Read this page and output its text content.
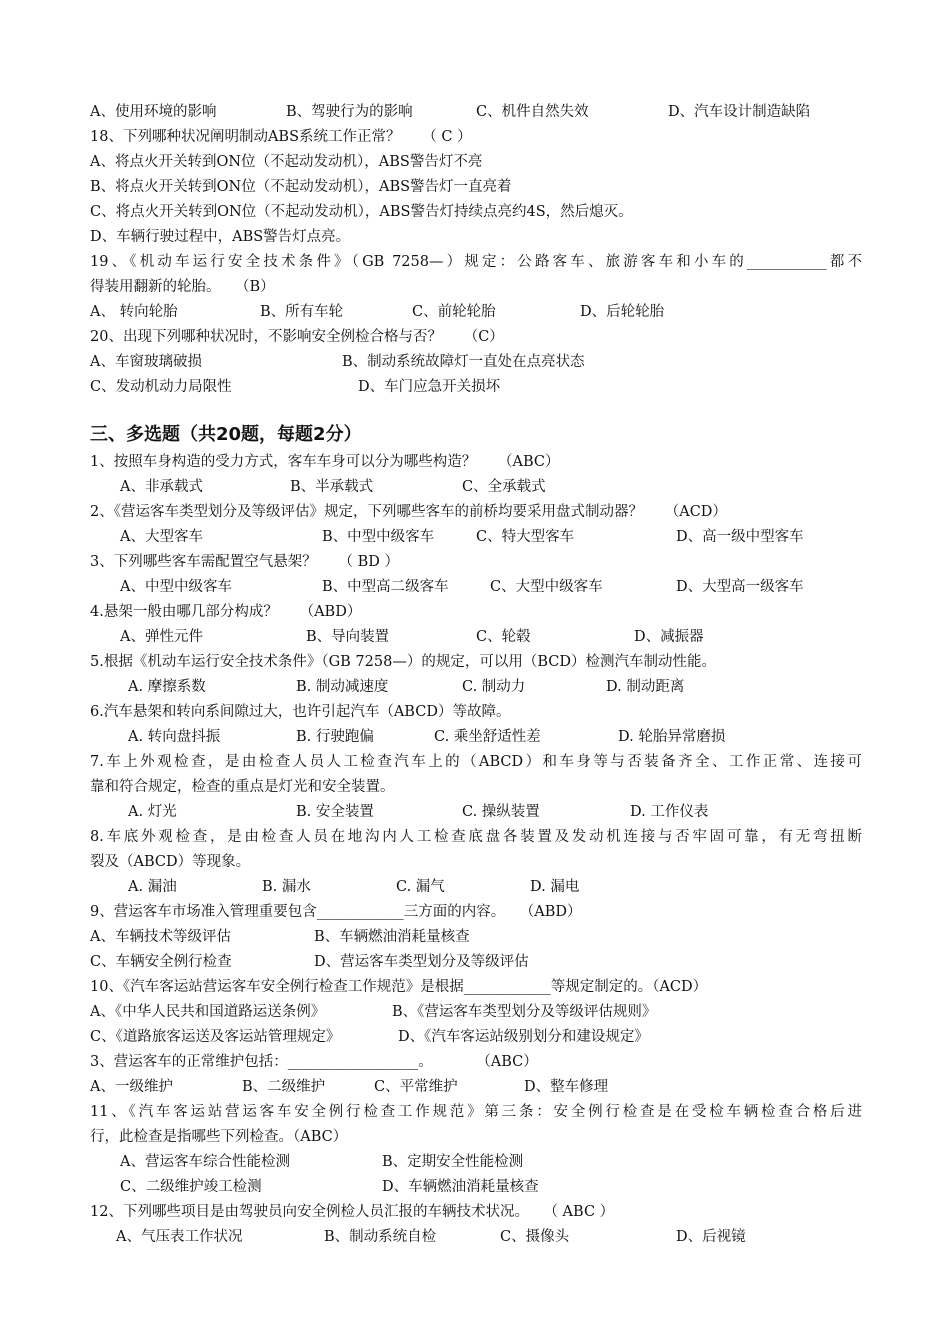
A、使用环境的影响	B、驾驶行为的影响	C、机件自然失效	D、汽车设计制造缺陷
18、下列哪种状况阐明制动ABS系统工作正常？　　（ C ）
A、将点火开关转到ON位（不起动发动机），ABS警告灯不亮
B、将点火开关转到ON位（不起动发动机），ABS警告灯一直亮着
C、将点火开关转到ON位（不起动发动机），ABS警告灯持续点亮约4S，然后熄灭。
D、车辆行驶过程中，ABS警告灯点亮。
19、《机动车运行安全技术条件》（GB 7258—）规定：公路客车、旅游客车和小车的___________都不
得装用翻新的轮胎。　　（B）
A、 转向轮胎	B、所有车轮	C、前轮轮胎	D、后轮轮胎
20、出现下列哪种状况时，不影响安全例检合格与否？　　（C）
A、车窗玻璃破损	B、制动系统故障灯一直处在点亮状态
C、发动机动力局限性	D、车门应急开关损坏
三、多选题（共20题，每题2分）
1、按照车身构造的受力方式，客车车身可以分为哪些构造？　　（ABC）
A、非承载式	B、半承载式	C、全承载式
2、《营运客车类型划分及等级评估》规定，下列哪些客车的前桥均要采用盘式制动器？　　（ACD）
A、大型客车	B、中型中级客车	C、特大型客车	D、高一级中型客车
3、下列哪些客车需配置空气悬架？　　（ BD ）
A、中型中级客车	B、中型高二级客车	C、大型中级客车	D、大型高一级客车
4.悬架一般由哪几部分构成？　　（ABD）
A、弹性元件	B、导向装置	C、轮毂	D、减振器
5.根据《机动车运行安全技术条件》（GB 7258—）的规定，可以用（BCD）检测汽车制动性能。
A. 摩擦系数	B. 制动减速度	C. 制动力	D. 制动距离
6.汽车悬架和转向系间隙过大，也许引起汽车（ABCD）等故障。
A. 转向盘抖振	B. 行驶跑偏	C. 乘坐舒适性差	D. 轮胎异常磨损
7.车上外观检查，是由检查人员人工检查汽车上的（ABCD）和车身等与否装备齐全、工作正常、连接可
靠和符合规定，检查的重点是灯光和安全装置。
A. 灯光	B. 安全装置	C. 操纵装置	D. 工作仪表
8.车底外观检查，是由检查人员在地沟内人工检查底盘各装置及发动机连接与否牢固可靠，有无弯扭断
裂及（ABCD）等现象。
A. 漏油	B. 漏水	C. 漏气	D. 漏电
9、营运客车市场准入管理重要包含____________三方面的内容。　　（ABD）
A、车辆技术等级评估	B、车辆燃油消耗量核查
C、车辆安全例行检查	D、营运客车类型划分及等级评估
10、《汽车客运站营运客车安全例行检查工作规范》是根据____________等规定制定的。（ACD）
A、《中华人民共和国道路运送条例》	B、《营运客车类型划分及等级评估规则》
C、《道路旅客运送及客运站管理规定》	D、《汽车客运站级别划分和建设规定》
3、营运客车的正常维护包括：__________________。　　　　（ABC）
A、一级维护	B、二级维护	C、平常维护	D、整车修理
11、《汽车客运站营运客车安全例行检查工作规范》第三条：安全例行检查是在受检车辆检查合格后进
行，此检查是指哪些下列检查。（ABC）
A、营运客车综合性能检测	B、定期安全性能检测
C、二级维护竣工检测	D、车辆燃油消耗量核查
12、下列哪些项目是由驾驶员向安全例检人员汇报的车辆技术状况。　　（ ABC ）
A、气压表工作状况	B、制动系统自检	C、摄像头	D、后视镜
